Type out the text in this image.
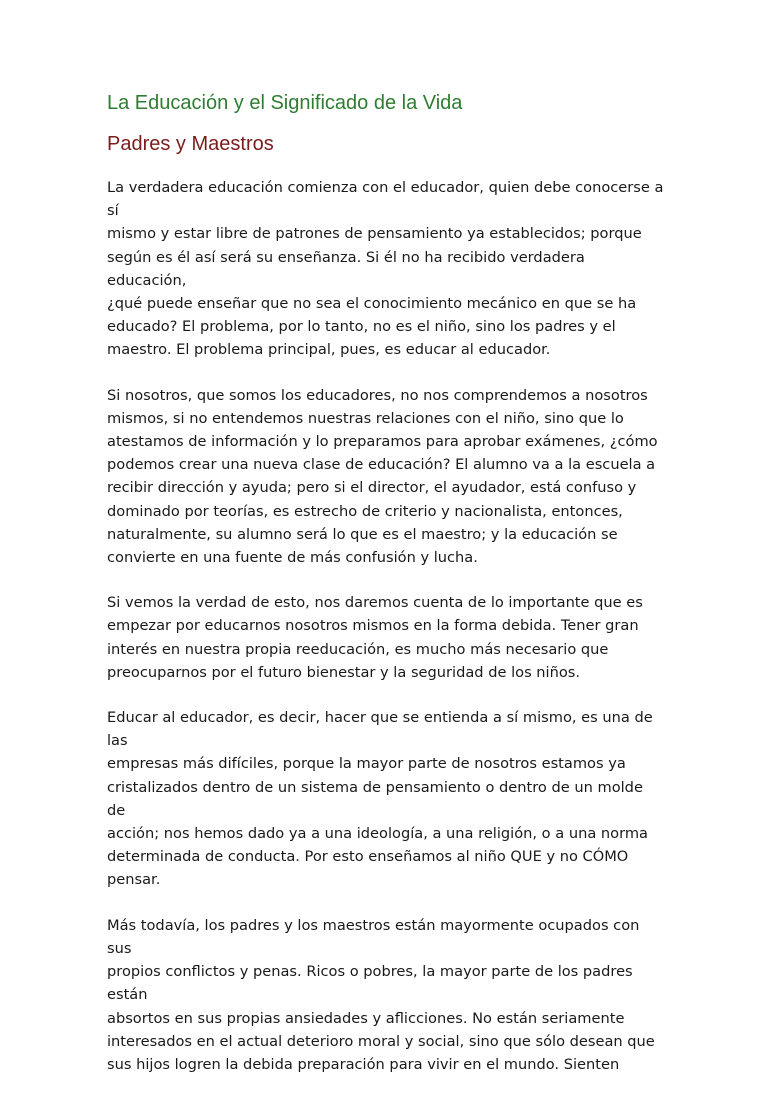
La Educación y el Significado de la Vida
Padres y Maestros

La verdadera educación comienza con el educador, quien debe conocerse a sí
mismo y estar libre de patrones de pensamiento ya establecidos; porque
según es él así será su enseñanza. Si él no ha recibido verdadera educación,
¿qué puede enseñar que no sea el conocimiento mecánico en que se ha
educado? El problema, por lo tanto, no es el niño, sino los padres y el
maestro. El problema principal, pues, es educar al educador.

Si nosotros, que somos los educadores, no nos comprendemos a nosotros
mismos, si no entendemos nuestras relaciones con el niño, sino que lo
atestamos de información y lo preparamos para aprobar exámenes, ¿cómo
podemos crear una nueva clase de educación? El alumno va a la escuela a
recibir dirección y ayuda; pero si el director, el ayudador, está confuso y
dominado por teorías, es estrecho de criterio y nacionalista, entonces,
naturalmente, su alumno será lo que es el maestro; y la educación se
convierte en una fuente de más confusión y lucha.

Si vemos la verdad de esto, nos daremos cuenta de lo importante que es
empezar por educarnos nosotros mismos en la forma debida. Tener gran
interés en nuestra propia reeducación, es mucho más necesario que
preocuparnos por el futuro bienestar y la seguridad de los niños.

Educar al educador, es decir, hacer que se entienda a sí mismo, es una de las
empresas más difíciles, porque la mayor parte de nosotros estamos ya
cristalizados dentro de un sistema de pensamiento o dentro de un molde de
acción; nos hemos dado ya a una ideología, a una religión, o a una norma
determinada de conducta. Por esto enseñamos al niño QUE y no CÓMO
pensar.

Más todavía, los padres y los maestros están mayormente ocupados con sus
propios conflictos y penas. Ricos o pobres, la mayor parte de los padres están
absortos en sus propias ansiedades y aflicciones. No están seriamente
interesados en el actual deterioro moral y social, sino que sólo desean que
sus hijos logren la debida preparación para vivir en el mundo. Sienten
